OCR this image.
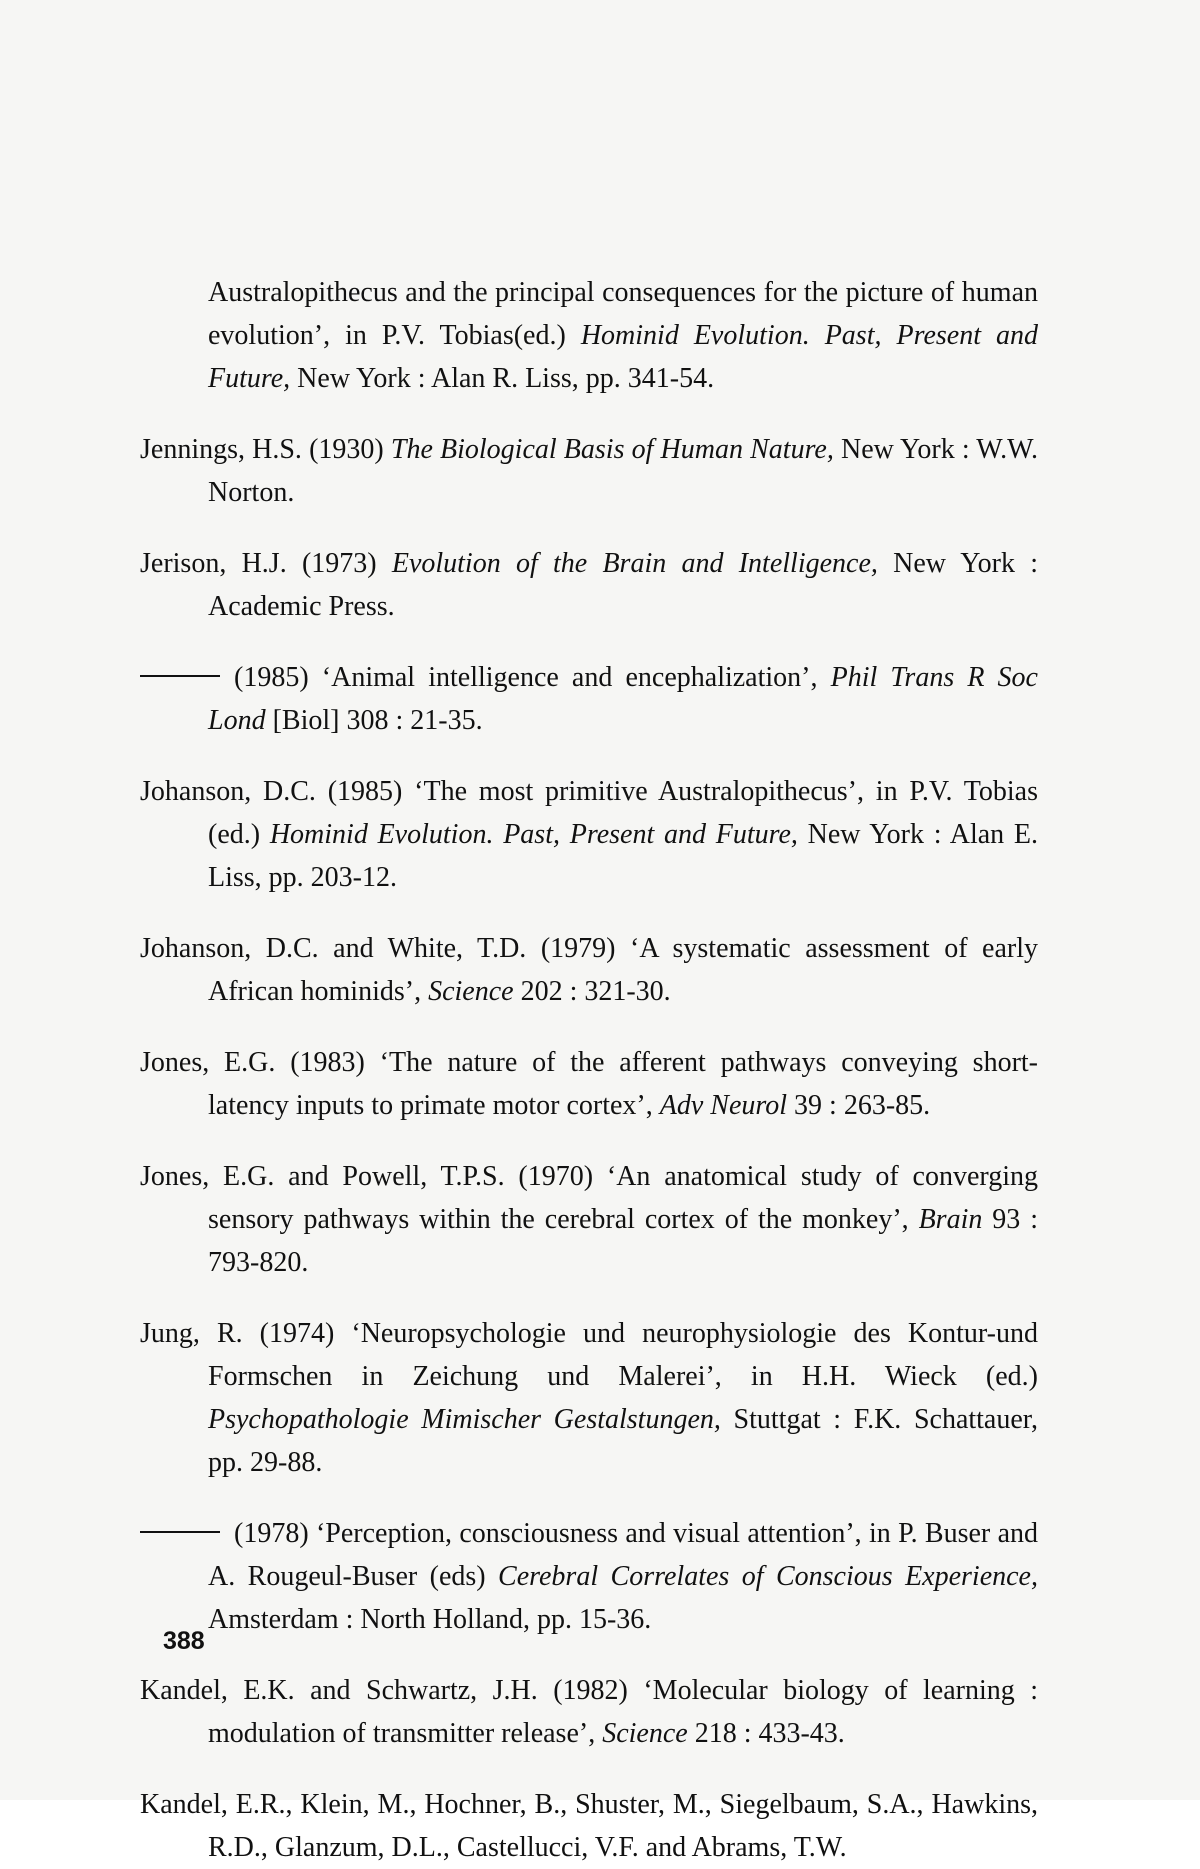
Australopithecus and the principal consequences for the picture of human evolution’, in P.V. Tobias(ed.) Hominid Evolution. Past, Present and Future, New York : Alan R. Liss, pp. 341-54.

Jennings, H.S. (1930) The Biological Basis of Human Nature, New York : W.W. Norton.

Jerison, H.J. (1973) Evolution of the Brain and Intelligence, New York : Academic Press.

(1985) ‘Animal intelligence and encephalization’, Phil Trans R Soc Lond [Biol] 308 : 21-35.

Johanson, D.C. (1985) ‘The most primitive Australopithecus’, in P.V. Tobias (ed.) Hominid Evolution. Past, Present and Future, New York : Alan E. Liss, pp. 203-12.

Johanson, D.C. and White, T.D. (1979) ‘A systematic assessment of early African hominids’, Science 202 : 321-30.

Jones, E.G. (1983) ‘The nature of the afferent pathways conveying short-latency inputs to primate motor cortex’, Adv Neurol 39 : 263-85.

Jones, E.G. and Powell, T.P.S. (1970) ‘An anatomical study of converging sensory pathways within the cerebral cortex of the monkey’, Brain 93 : 793-820.

Jung, R. (1974) ‘Neuropsychologie und neurophysiologie des Kontur-und Formschen in Zeichung und Malerei’, in H.H. Wieck (ed.) Psychopathologie Mimischer Gestalstungen, Stuttgat : F.K. Schattauer, pp. 29-88.

(1978) ‘Perception, consciousness and visual attention’, in P. Buser and A. Rougeul-Buser (eds) Cerebral Correlates of Conscious Experience, Amsterdam : North Holland, pp. 15-36.

Kandel, E.K. and Schwartz, J.H. (1982) ‘Molecular biology of learning : modulation of transmitter release’, Science 218 : 433-43.

Kandel, E.R., Klein, M., Hochner, B., Shuster, M., Siegelbaum, S.A., Hawkins, R.D., Glanzum, D.L., Castellucci, V.F. and Abrams, T.W.

388
